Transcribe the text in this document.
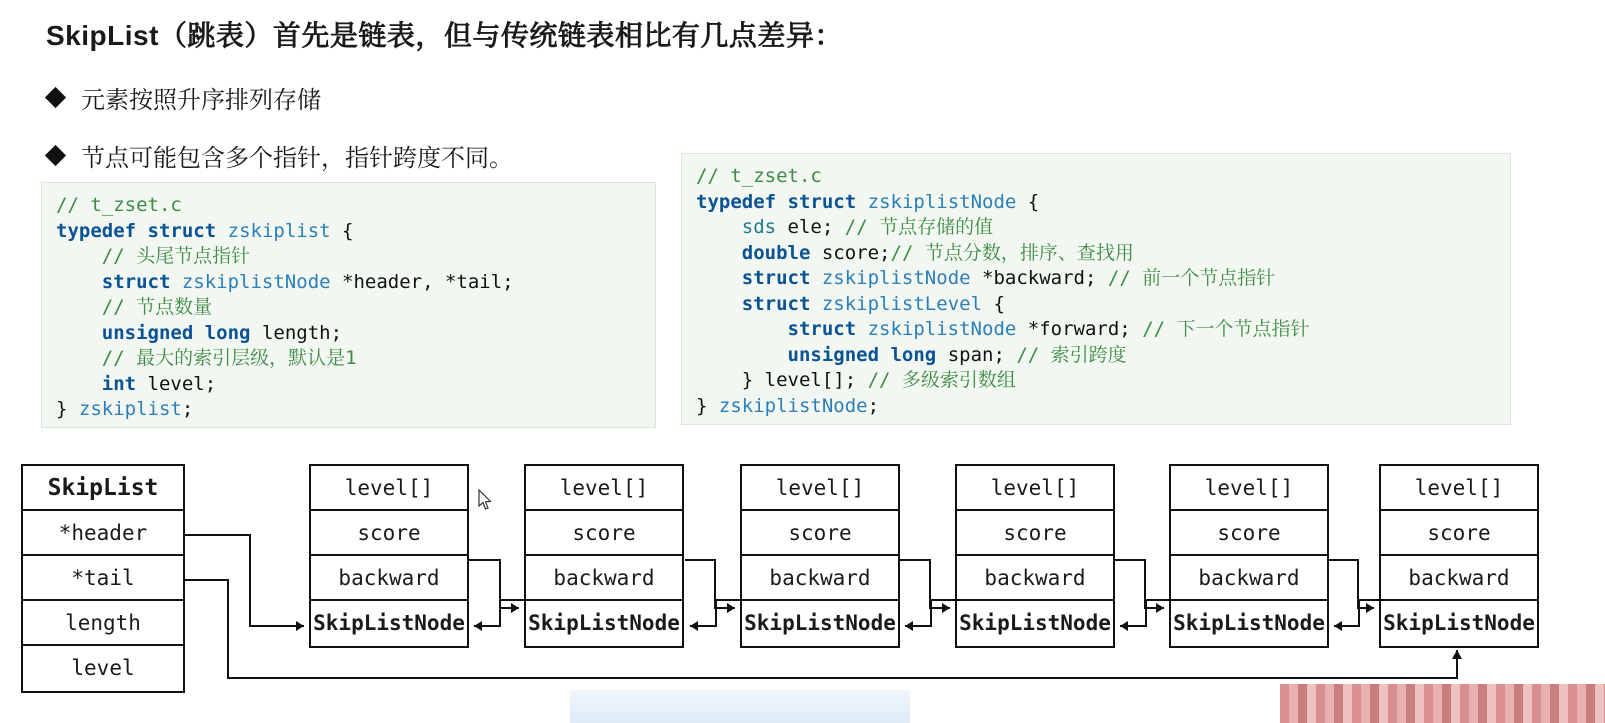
SkipList（跳表）首先是链表，但与传统链表相比有几点差异：
元素按照升序排列存储
节点可能包含多个指针，指针跨度不同。
// t_zset.c
typedef struct zskiplist {
// 头尾节点指针
struct zskiplistNode *header, *tail;
// 节点数量
unsigned long length;
// 最大的索引层级，默认是1
int level;
} zskiplist;
// t_zset.c
typedef struct zskiplistNode {
sds ele; // 节点存储的值
double score;// 节点分数，排序、查找用
struct zskiplistNode *backward; // 前一个节点指针
struct zskiplistLevel {
struct zskiplistNode *forward; // 下一个节点指针
unsigned long span; // 索引跨度
} level[]; // 多级索引数组
} zskiplistNode;
SkipList
*header
*tail
length
level
level[]
score
backward
SkipListNode
level[]
score
backward
SkipListNode
level[]
score
backward
SkipListNode
level[]
score
backward
SkipListNode
level[]
score
backward
SkipListNode
level[]
score
backward
SkipListNode
